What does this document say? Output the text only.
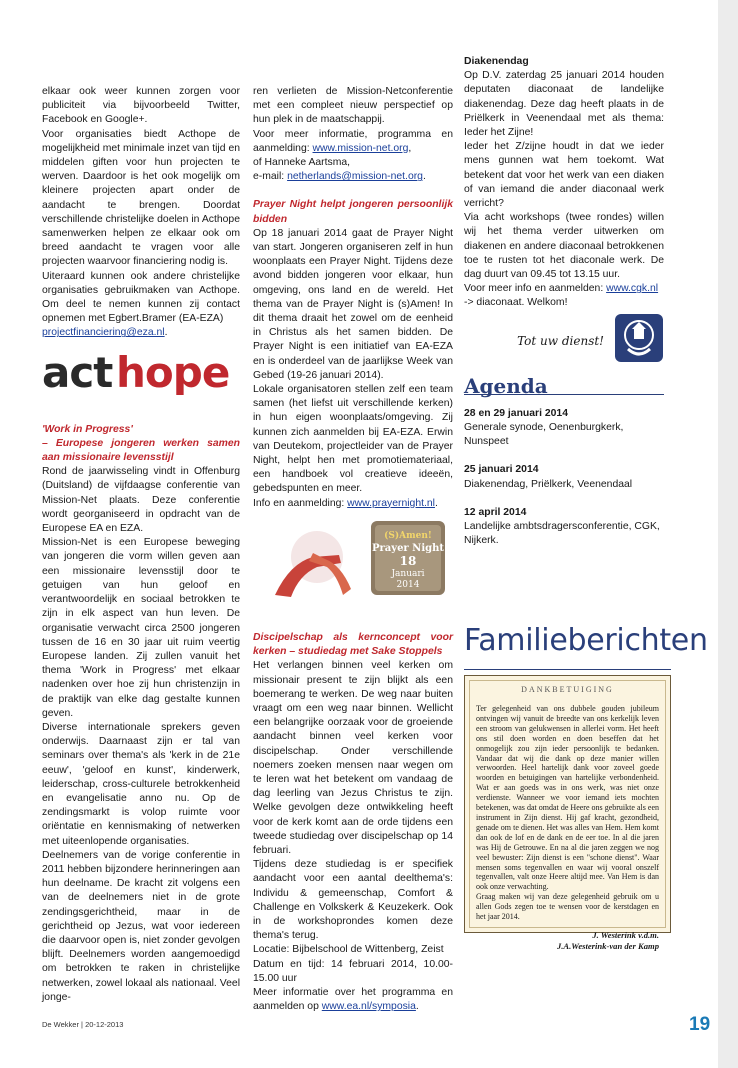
elkaar ook weer kunnen zorgen voor publiciteit via bijvoorbeeld Twitter, Facebook en Google+.

Voor organisaties biedt Acthope de mogelijkheid met minimale inzet van tijd en middelen giften voor hun projecten te werven. Daardoor is het ook mogelijk om kleinere projecten apart onder de aandacht te brengen. Doordat verschillende christelijke doelen in Acthope samenwerken helpen ze elkaar ook om breed aandacht te vragen voor alle projecten waarvoor financiering nodig is.

Uiteraard kunnen ook andere christelijke organisaties gebruikmaken van Acthope. Om deel te nemen kunnen zij contact opnemen met Egbert.Bramer (EA-EZA)
projectfinanciering@eza.nl.

act hope

'Work in Progress'
– Europese jongeren werken samen aan missionaire levensstijl

Rond de jaarwisseling vindt in Offenburg (Duitsland) de vijfdaagse conferentie van Mission-Net plaats. Deze conferentie wordt georganiseerd in opdracht van de Europese EA en EZA.

Mission-Net is een Europese beweging van jongeren die vorm willen geven aan een missionaire levensstijl door te getuigen van hun geloof en verantwoordelijk en sociaal betrokken te zijn in elk aspect van hun leven. De organisatie verwacht circa 2500 jongeren tussen de 16 en 30 jaar uit ruim veertig Europese landen. Zij zullen vanuit het thema 'Work in Progress' met elkaar nadenken over hoe zij hun christenzijn in de praktijk van elke dag gestalte kunnen geven.

Diverse internationale sprekers geven onderwijs. Daarnaast zijn er tal van seminars over thema's als 'kerk in de 21e eeuw', 'geloof en kunst', kinderwerk, leiderschap, cross-culturele betrokkenheid en evangelisatie anno nu. Op de zendingsmarkt is volop ruimte voor oriëntatie en kennismaking of netwerken met uiteenlopende organisaties.

Deelnemers van de vorige conferentie in 2011 hebben bijzondere herinneringen aan hun deelname. De kracht zit volgens een van de deelnemers niet in de grote zendingsgerichtheid, maar in de gerichtheid op Jezus, wat voor iedereen die daarvoor open is, niet zonder gevolgen blijft. Deelnemers worden aangemoedigd om betrokken te raken in christelijke netwerken, zowel lokaal als nationaal. Veel jonge-

ren verlieten de Mission-Netconferentie met een compleet nieuw perspectief op hun plek in de maatschappij.

Voor meer informatie, programma en aanmelding: www.mission-net.org,

of Hanneke Aartsma,

e-mail: netherlands@mission-net.org.

Prayer Night helpt jongeren persoonlijk bidden

Op 18 januari 2014 gaat de Prayer Night van start. Jongeren organiseren zelf in hun woonplaats een Prayer Night. Tijdens deze avond bidden jongeren voor elkaar, hun omgeving, ons land en de wereld. Het thema van de Prayer Night is (s)Amen! In dit thema draait het zowel om de eenheid in Christus als het samen bidden. De Prayer Night is een initiatief van EA-EZA en is onderdeel van de jaarlijkse Week van Gebed (19-26 januari 2014).

Lokale organisatoren stellen zelf een team samen (het liefst uit verschillende kerken) in hun eigen woonplaats/omgeving. Zij kunnen zich aanmelden bij EA-EZA. Erwin van Deutekom, projectleider van de Prayer Night, helpt hen met promotiemateriaal, een handboek vol creatieve ideeën, gebedspunten en meer.

Info en aanmelding: www.prayernight.nl.

(S)Amen!
Prayer Night
18
Januari
2014

Discipelschap als kernconcept voor kerken – studiedag met Sake Stoppels

Het verlangen binnen veel kerken om missionair present te zijn blijkt als een boemerang te werken. De weg naar buiten vraagt om een weg naar binnen. Wellicht een belangrijke oorzaak voor de groeiende aandacht binnen veel kerken voor discipelschap. Onder verschillende noemers zoeken mensen naar wegen om te leren wat het betekent om vandaag de dag leerling van Jezus Christus te zijn. Welke gevolgen deze ontwikkeling heeft voor de kerk komt aan de orde tijdens een tweede studiedag over discipelschap op 14 februari.

Tijdens deze studiedag is er specifiek aandacht voor een aantal deelthema's: Individu & gemeenschap, Comfort & Challenge en Volkskerk & Keuzekerk. Ook in de workshoprondes komen deze thema's terug.

Locatie: Bijbelschool de Wittenberg, Zeist

Datum en tijd: 14 februari 2014, 10.00-15.00 uur

Meer informatie over het programma en aanmelden op www.ea.nl/symposia.

Diakenendag

Op D.V. zaterdag 25 januari 2014 houden deputaten diaconaat de landelijke diakenendag. Deze dag heeft plaats in de Priëlkerk in Veenendaal met als thema: Ieder het Zijne!

Ieder het Z/zijne houdt in dat we ieder mens gunnen wat hem toekomt. Wat betekent dat voor het werk van een diaken of van iemand die ander diaconaal werk verricht?

Via acht workshops (twee rondes) willen wij het thema verder uitwerken om diakenen en andere diaconaal betrokkenen toe te rusten tot het diaconale werk. De dag duurt van 09.45 tot 13.15 uur.

Voor meer info en aanmelden: www.cgk.nl

-> diaconaat. Welkom!

Tot uw dienst!
Agenda
28 en 29 januari 2014
Generale synode, Oenenburgkerk, Nunspeet
25 januari 2014
Diakenendag, Priëlkerk, Veenendaal
12 april 2014
Landelijke ambtsdragersconferentie, CGK, Nijkerk.
Familieberichten

DANKBETUIGING

Ter gelegenheid van ons dubbele gouden jubileum ontvingen wij vanuit de breedte van ons kerkelijk leven een stroom van gelukwensen in allerlei vorm. Het heeft ons stil doen worden en doen beseffen dat het onmogelijk zou zijn ieder persoonlijk te bedanken. Vandaar dat wij die dank op deze manier willen verwoorden. Heel hartelijk dank voor zoveel goede woorden en betuigingen van hartelijke verbondenheid. Wat er aan goeds was in ons werk, was niet onze verdienste. Wanneer we voor iemand iets mochten betekenen, was dat omdat de Heere ons gebruikte als een instrument in Zijn dienst. Hij gaf kracht, gezondheid, genade om te dienen. Het was alles van Hem. Hem komt dan ook de lof en de dank en de eer toe. In al die jaren was Hij de Getrouwe. En na al die jaren zeggen we nog veel bewuster: Zijn dienst is een "schone dienst". Waar mensen soms tegenvallen en waar wij vooral onszelf tegenvallen, valt onze Heere altijd mee. Van Hem is dan ook onze verwachting.

Graag maken wij van deze gelegenheid gebruik om u allen Gods zegen toe te wensen voor de kerstdagen en het jaar 2014.

J. Westerink v.d.m.
J.A.Westerink-van der Kamp
De Wekker | 20-12-2013	19
